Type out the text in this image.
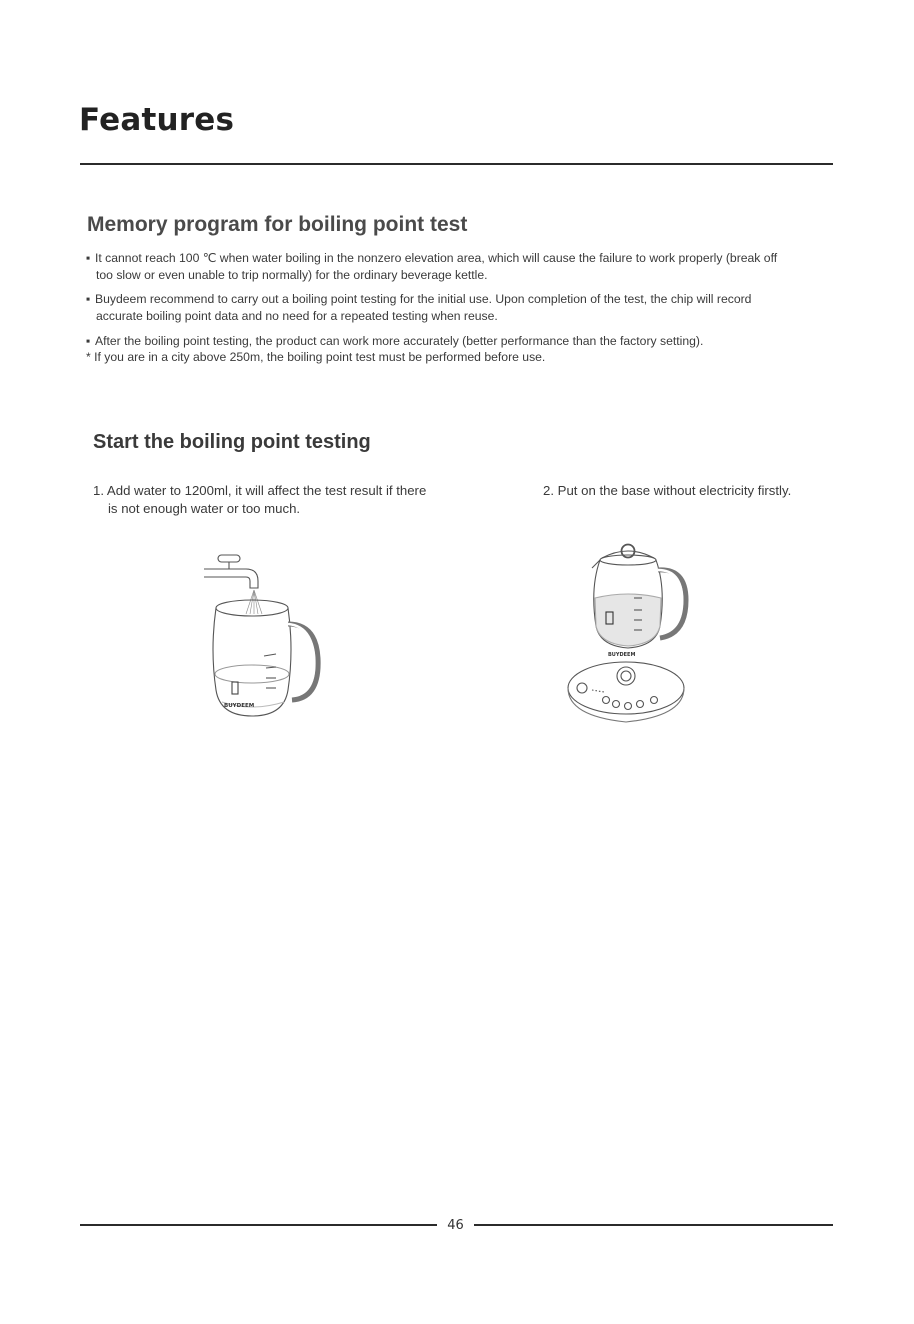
Features
Memory program for boiling point test

▪ It cannot reach 100 ℃ when water boiling in the nonzero elevation area, which will cause the failure to work properly (break off
too slow or even unable to trip normally) for the ordinary beverage kettle.

▪ Buydeem recommend to carry out a boiling point testing for the initial use. Upon completion of the test, the chip will record
accurate boiling point data and no need for a repeated testing when reuse.

▪ After the boiling point testing, the product can work more accurately (better performance than the factory setting).

* If you are in a city above 250m, the boiling point test must be performed before use.

Start the boiling point testing

1. Add water to 1200ml, it will affect the test result if there
is not enough water or too much.

2. Put on the base without electricity firstly.

BUYDEEM
BUYDEEM
46
